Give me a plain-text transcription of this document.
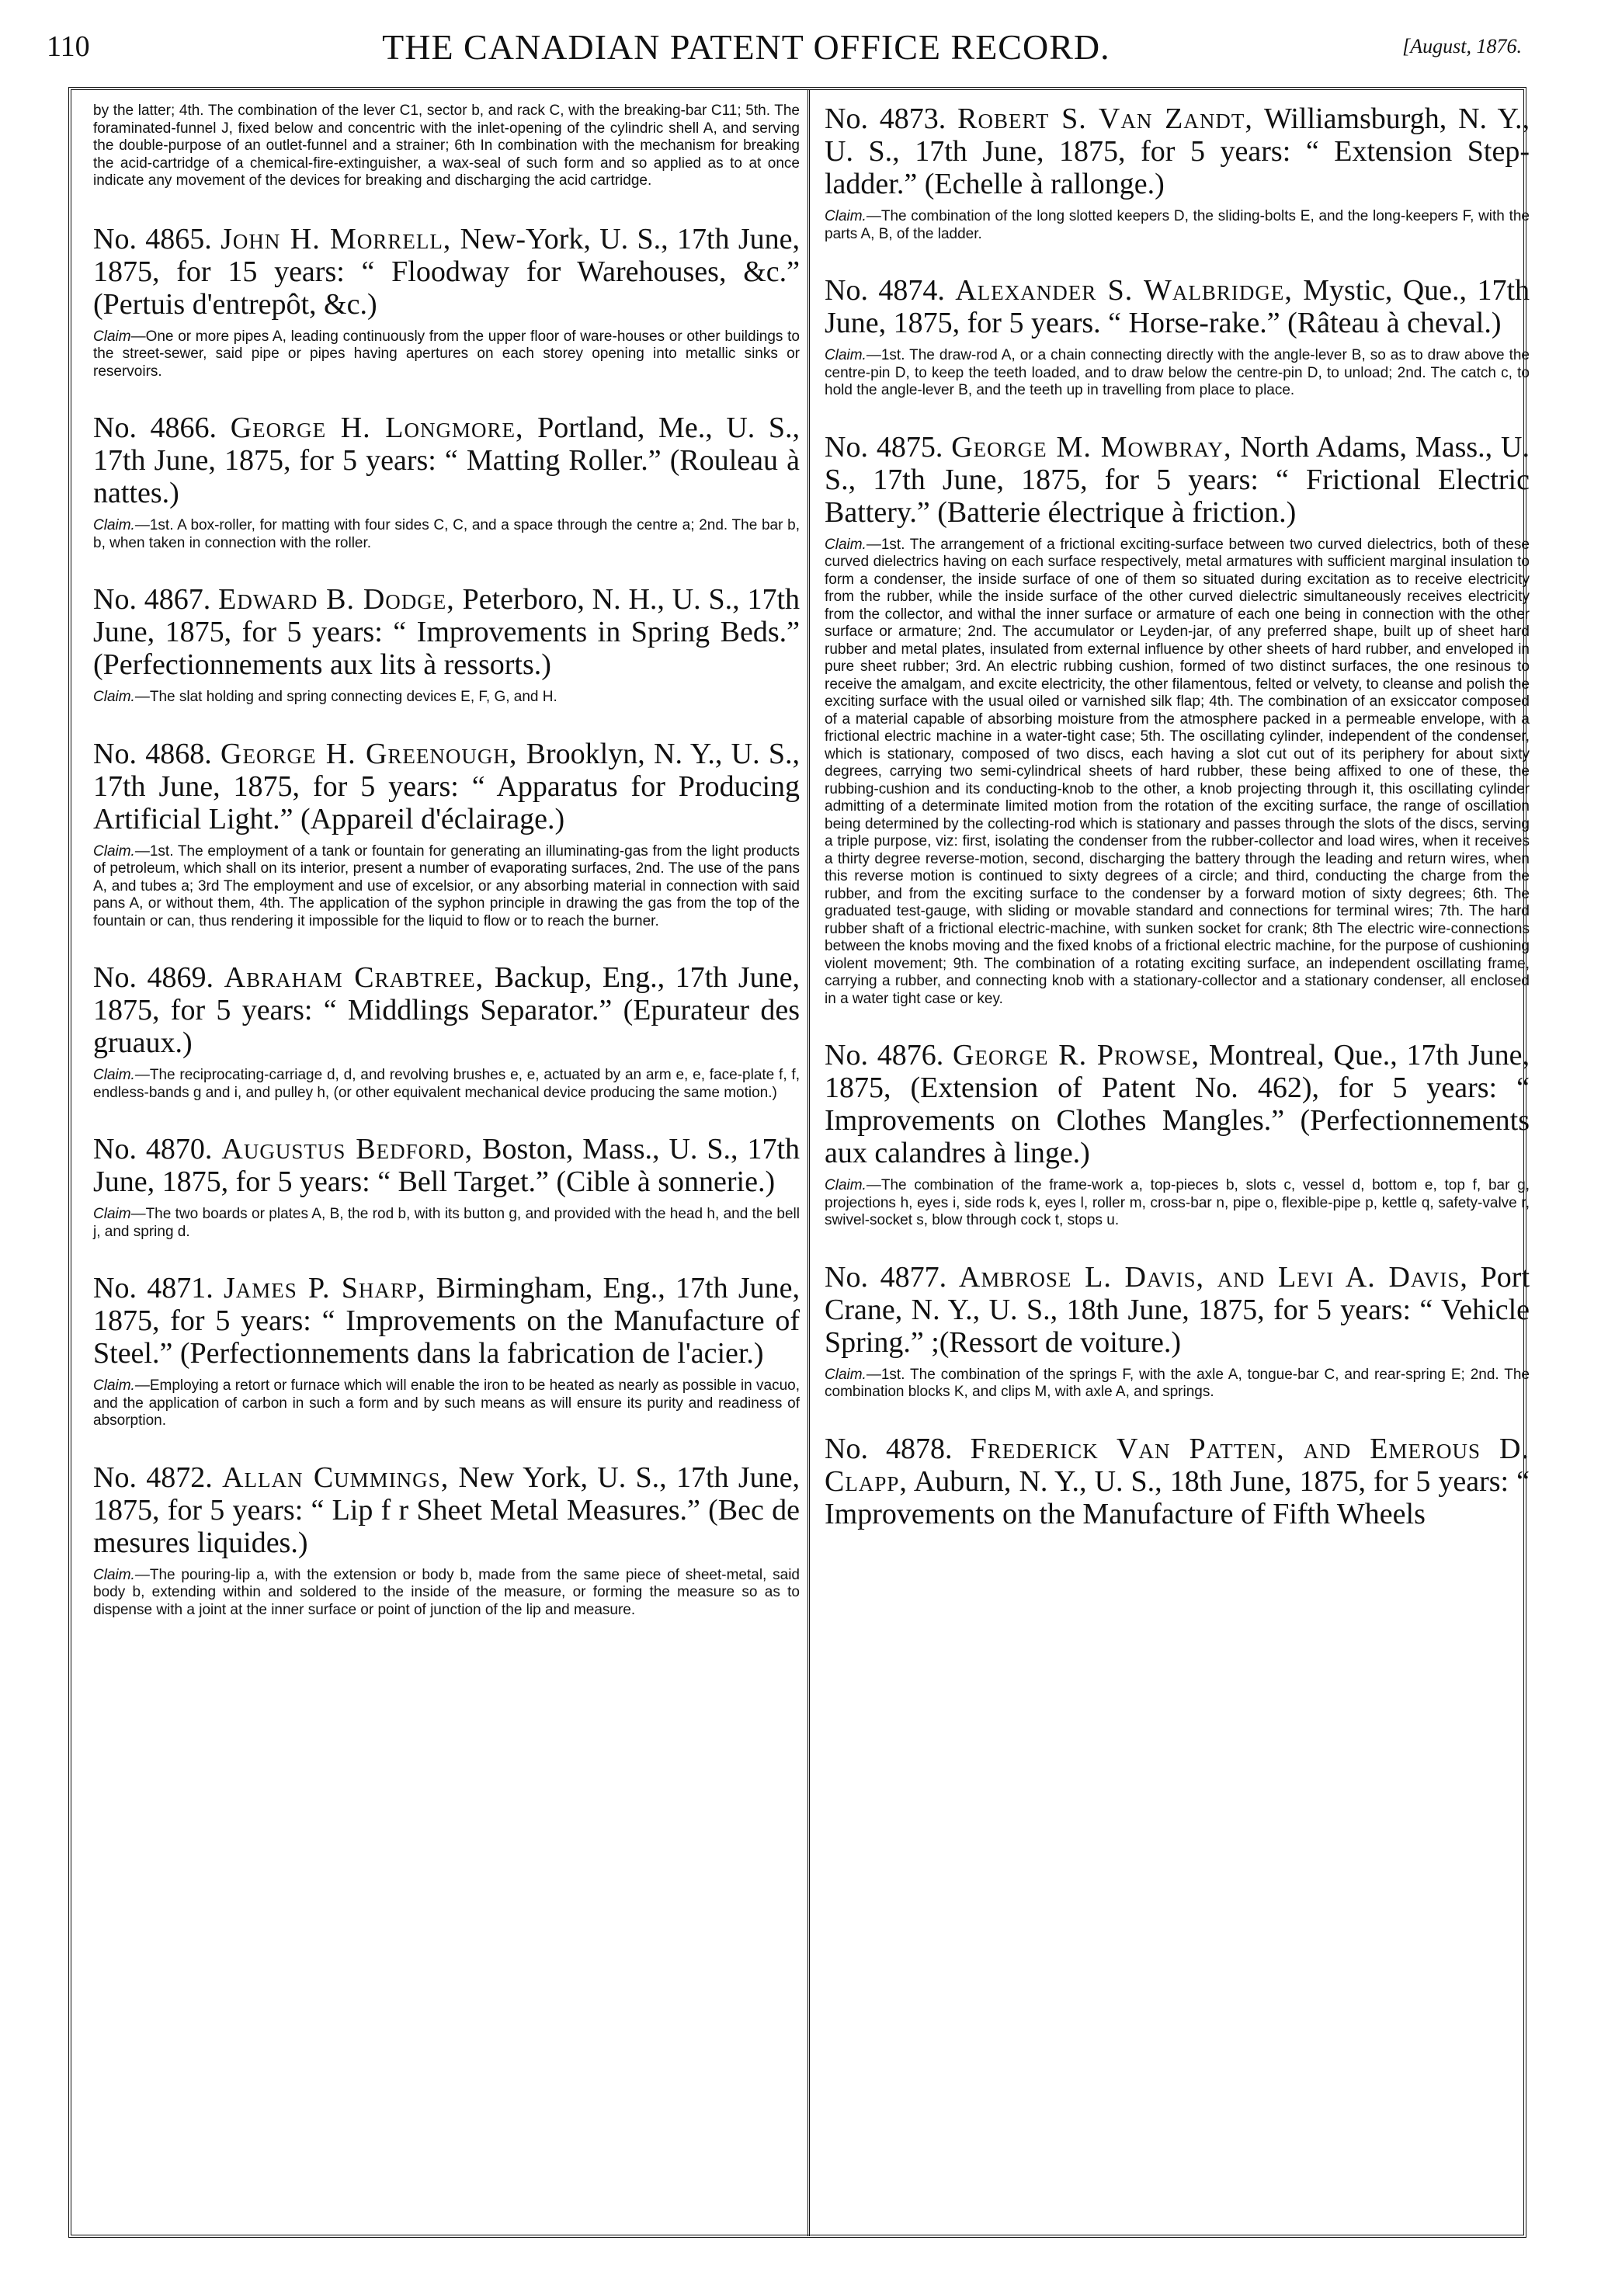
110	THE CANADIAN PATENT OFFICE RECORD.	[August, 1876.

by the latter; 4th. The combination of the lever C1, sector b, and rack C, with the breaking-bar C11; 5th. The foraminated-funnel J, fixed below and concentric with the inlet-opening of the cylindric shell A, and serving the double-purpose of an outlet-funnel and a strainer; 6th In combination with the mechanism for breaking the acid-cartridge of a chemical-fire-extinguisher, a wax-seal of such form and so applied as to at once indicate any movement of the devices for breaking and discharging the acid cartridge.

No. 4865. John H. Morrell, New-York, U. S., 17th June, 1875, for 15 years: “ Floodway for Warehouses, &c.” (Pertuis d'entrepôt, &c.)

Claim—One or more pipes A, leading continuously from the upper floor of ware-houses or other buildings to the street-sewer, said pipe or pipes having apertures on each storey opening into metallic sinks or reservoirs.

No. 4866. George H. Longmore, Portland, Me., U. S., 17th June, 1875, for 5 years: “ Matting Roller.” (Rouleau à nattes.)

Claim.—1st. A box-roller, for matting with four sides C, C, and a space through the centre a; 2nd. The bar b, b, when taken in connection with the roller.

No. 4867. Edward B. Dodge, Peterboro, N. H., U. S., 17th June, 1875, for 5 years: “ Improvements in Spring Beds.” (Perfectionnements aux lits à ressorts.)

Claim.—The slat holding and spring connecting devices E, F, G, and H.

No. 4868. George H. Greenough, Brooklyn, N. Y., U. S., 17th June, 1875, for 5 years: “ Apparatus for Producing Artificial Light.” (Appareil d'éclairage.)

Claim.—1st. The employment of a tank or fountain for generating an illuminating-gas from the light products of petroleum, which shall on its interior, present a number of evaporating surfaces, 2nd. The use of the pans A, and tubes a; 3rd The employment and use of excelsior, or any absorbing material in connection with said pans A, or without them, 4th. The application of the syphon principle in drawing the gas from the top of the fountain or can, thus rendering it impossible for the liquid to flow or to reach the burner.

No. 4869. Abraham Crabtree, Backup, Eng., 17th June, 1875, for 5 years: “ Middlings Separator.” (Epurateur des gruaux.)

Claim.—The reciprocating-carriage d, d, and revolving brushes e, e, actuated by an arm e, e, face-plate f, f, endless-bands g and i, and pulley h, (or other equivalent mechanical device producing the same motion.)

No. 4870. Augustus Bedford, Boston, Mass., U. S., 17th June, 1875, for 5 years: “ Bell Target.” (Cible à sonnerie.)

Claim—The two boards or plates A, B, the rod b, with its button g, and provided with the head h, and the bell j, and spring d.

No. 4871. James P. Sharp, Birmingham, Eng., 17th June, 1875, for 5 years: “ Improvements on the Manufacture of Steel.” (Perfectionnements dans la fabrication de l'acier.)

Claim.—Employing a retort or furnace which will enable the iron to be heated as nearly as possible in vacuo, and the application of carbon in such a form and by such means as will ensure its purity and readiness of absorption.

No. 4872. Allan Cummings, New York, U. S., 17th June, 1875, for 5 years: “ Lip f r Sheet Metal Measures.” (Bec de mesures liquides.)

Claim.—The pouring-lip a, with the extension or body b, made from the same piece of sheet-metal, said body b, extending within and soldered to the inside of the measure, or forming the measure so as to dispense with a joint at the inner surface or point of junction of the lip and measure.

No. 4873. Robert S. Van Zandt, Williamsburgh, N. Y., U. S., 17th June, 1875, for 5 years: “ Extension Step-ladder.” (Echelle à rallonge.)

Claim.—The combination of the long slotted keepers D, the sliding-bolts E, and the long-keepers F, with the parts A, B, of the ladder.

No. 4874. Alexander S. Walbridge, Mystic, Que., 17th June, 1875, for 5 years. “ Horse-rake.” (Râteau à cheval.)

Claim.—1st. The draw-rod A, or a chain connecting directly with the angle-lever B, so as to draw above the centre-pin D, to keep the teeth loaded, and to draw below the centre-pin D, to unload; 2nd. The catch c, to hold the angle-lever B, and the teeth up in travelling from place to place.

No. 4875. George M. Mowbray, North Adams, Mass., U. S., 17th June, 1875, for 5 years: “ Frictional Electric Battery.” (Batterie électrique à friction.)

Claim.—1st. The arrangement of a frictional exciting-surface between two curved dielectrics, both of these curved dielectrics having on each surface respectively, metal armatures with sufficient marginal insulation to form a condenser, the inside surface of one of them so situated during excitation as to receive electricity from the rubber, while the inside surface of the other curved dielectric simultaneously receives electricity from the collector, and withal the inner surface or armature of each one being in connection with the other surface or armature; 2nd. The accumulator or Leyden-jar, of any preferred shape, built up of sheet hard rubber and metal plates, insulated from external influence by other sheets of hard rubber, and enveloped in pure sheet rubber; 3rd. An electric rubbing cushion, formed of two distinct surfaces, the one resinous to receive the amalgam, and excite electricity, the other filamentous, felted or velvety, to cleanse and polish the exciting surface with the usual oiled or varnished silk flap; 4th. The combination of an exsiccator composed of a material capable of absorbing moisture from the atmosphere packed in a permeable envelope, with a frictional electric machine in a water-tight case; 5th. The oscillating cylinder, independent of the condenser, which is stationary, composed of two discs, each having a slot cut out of its periphery for about sixty degrees, carrying two semi-cylindrical sheets of hard rubber, these being affixed to one of these, the rubbing-cushion and its conducting-knob to the other, a knob projecting through it, this oscillating cylinder admitting of a determinate limited motion from the rotation of the exciting surface, the range of oscillation being determined by the collecting-rod which is stationary and passes through the slots of the discs, serving a triple purpose, viz: first, isolating the condenser from the rubber-collector and load wires, when it receives a thirty degree reverse-motion, second, discharging the battery through the leading and return wires, when this reverse motion is continued to sixty degrees of a circle; and third, conducting the charge from the rubber, and from the exciting surface to the condenser by a forward motion of sixty degrees; 6th. The graduated test-gauge, with sliding or movable standard and connections for terminal wires; 7th. The hard rubber shaft of a frictional electric-machine, with sunken socket for crank; 8th The electric wire-connections between the knobs moving and the fixed knobs of a frictional electric machine, for the purpose of cushioning violent movement; 9th. The combination of a rotating exciting surface, an independent oscillating frame, carrying a rubber, and connecting knob with a stationary-collector and a stationary condenser, all enclosed in a water tight case or key.

No. 4876. George R. Prowse, Montreal, Que., 17th June, 1875, (Extension of Patent No. 462), for 5 years: “ Improvements on Clothes Mangles.” (Perfectionnements aux calandres à linge.)

Claim.—The combination of the frame-work a, top-pieces b, slots c, vessel d, bottom e, top f, bar g, projections h, eyes i, side rods k, eyes l, roller m, cross-bar n, pipe o, flexible-pipe p, kettle q, safety-valve r, swivel-socket s, blow through cock t, stops u.

No. 4877. Ambrose L. Davis, and Levi A. Davis, Port Crane, N. Y., U. S., 18th June, 1875, for 5 years: “ Vehicle Spring.” ;(Ressort de voiture.)

Claim.—1st. The combination of the springs F, with the axle A, tongue-bar C, and rear-spring E; 2nd. The combination blocks K, and clips M, with axle A, and springs.

No. 4878. Frederick Van Patten, and Emerous D. Clapp, Auburn, N. Y., U. S., 18th June, 1875, for 5 years: “ Improvements on the Manufacture of Fifth Wheels
